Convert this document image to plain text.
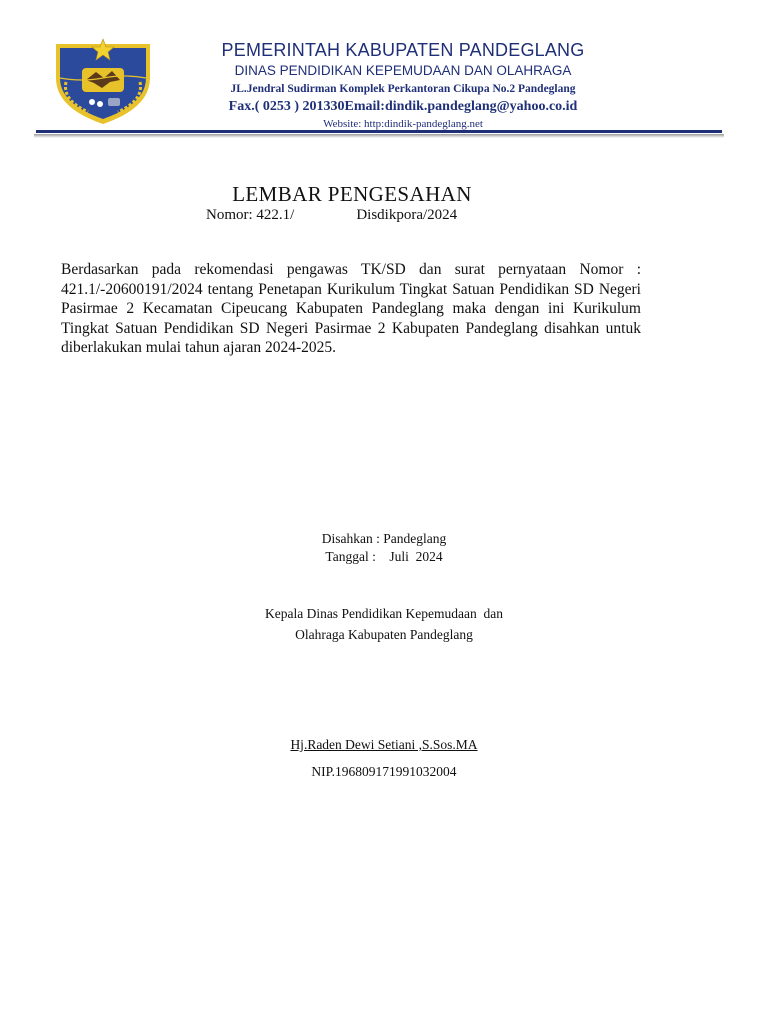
PEMERINTAH KABUPATEN PANDEGLANG
DINAS PENDIDIKAN KEPEMUDAAN DAN OLAHRAGA
JL.Jendral Sudirman Komplek Perkantoran Cikupa No.2 Pandeglang
Fax.( 0253 ) 201330Email:dindik.pandeglang@yahoo.co.id
Website: http:dindik-pandeglang.net
LEMBAR PENGESAHAN
Nomor: 422.1/	Disdikpora/2024
Berdasarkan pada rekomendasi pengawas TK/SD dan surat pernyataan Nomor : 421.1/-20600191/2024 tentang Penetapan Kurikulum Tingkat Satuan Pendidikan SD Negeri Pasirmae 2 Kecamatan Cipeucang Kabupaten Pandeglang maka dengan ini Kurikulum Tingkat Satuan Pendidikan SD Negeri Pasirmae 2 Kabupaten Pandeglang disahkan untuk diberlakukan mulai tahun ajaran 2024-2025.
Disahkan : Pandeglang
Tanggal :    Juli  2024
Kepala Dinas Pendidikan Kepemudaan  dan
Olahraga Kabupaten Pandeglang
Hj.Raden Dewi Setiani ,S.Sos.MA
NIP.196809171991032004
